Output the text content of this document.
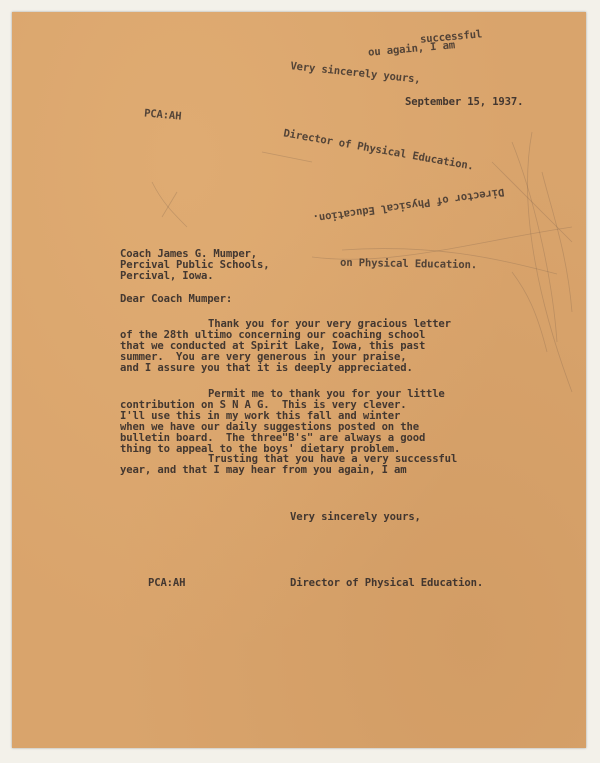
successful
ou again, I am
Very sincerely yours,
PCA:AH
Director of Physical Education.
Director of Physical Education.
September 15, 1937.

Coach James G. Mumper,

Percival Public Schools,

Percival, Iowa.

on Physical Education.
Dear Coach Mumper:

Thank you for your very gracious letter

of the 28th ultimo concerning our coaching school

that we conducted at Spirit Lake, Iowa, this past

summer.  You are very generous in your praise,

and I assure you that it is deeply appreciated.

Permit me to thank you for your little

contribution on S N A G.  This is very clever.

I'll use this in my work this fall and winter

when we have our daily suggestions posted on the

bulletin board.  The three"B's" are always a good

thing to appeal to the boys' dietary problem.

Trusting that you have a very successful

year, and that I may hear from you again, I am

Very sincerely yours,
PCA:AH	Director of Physical Education.
